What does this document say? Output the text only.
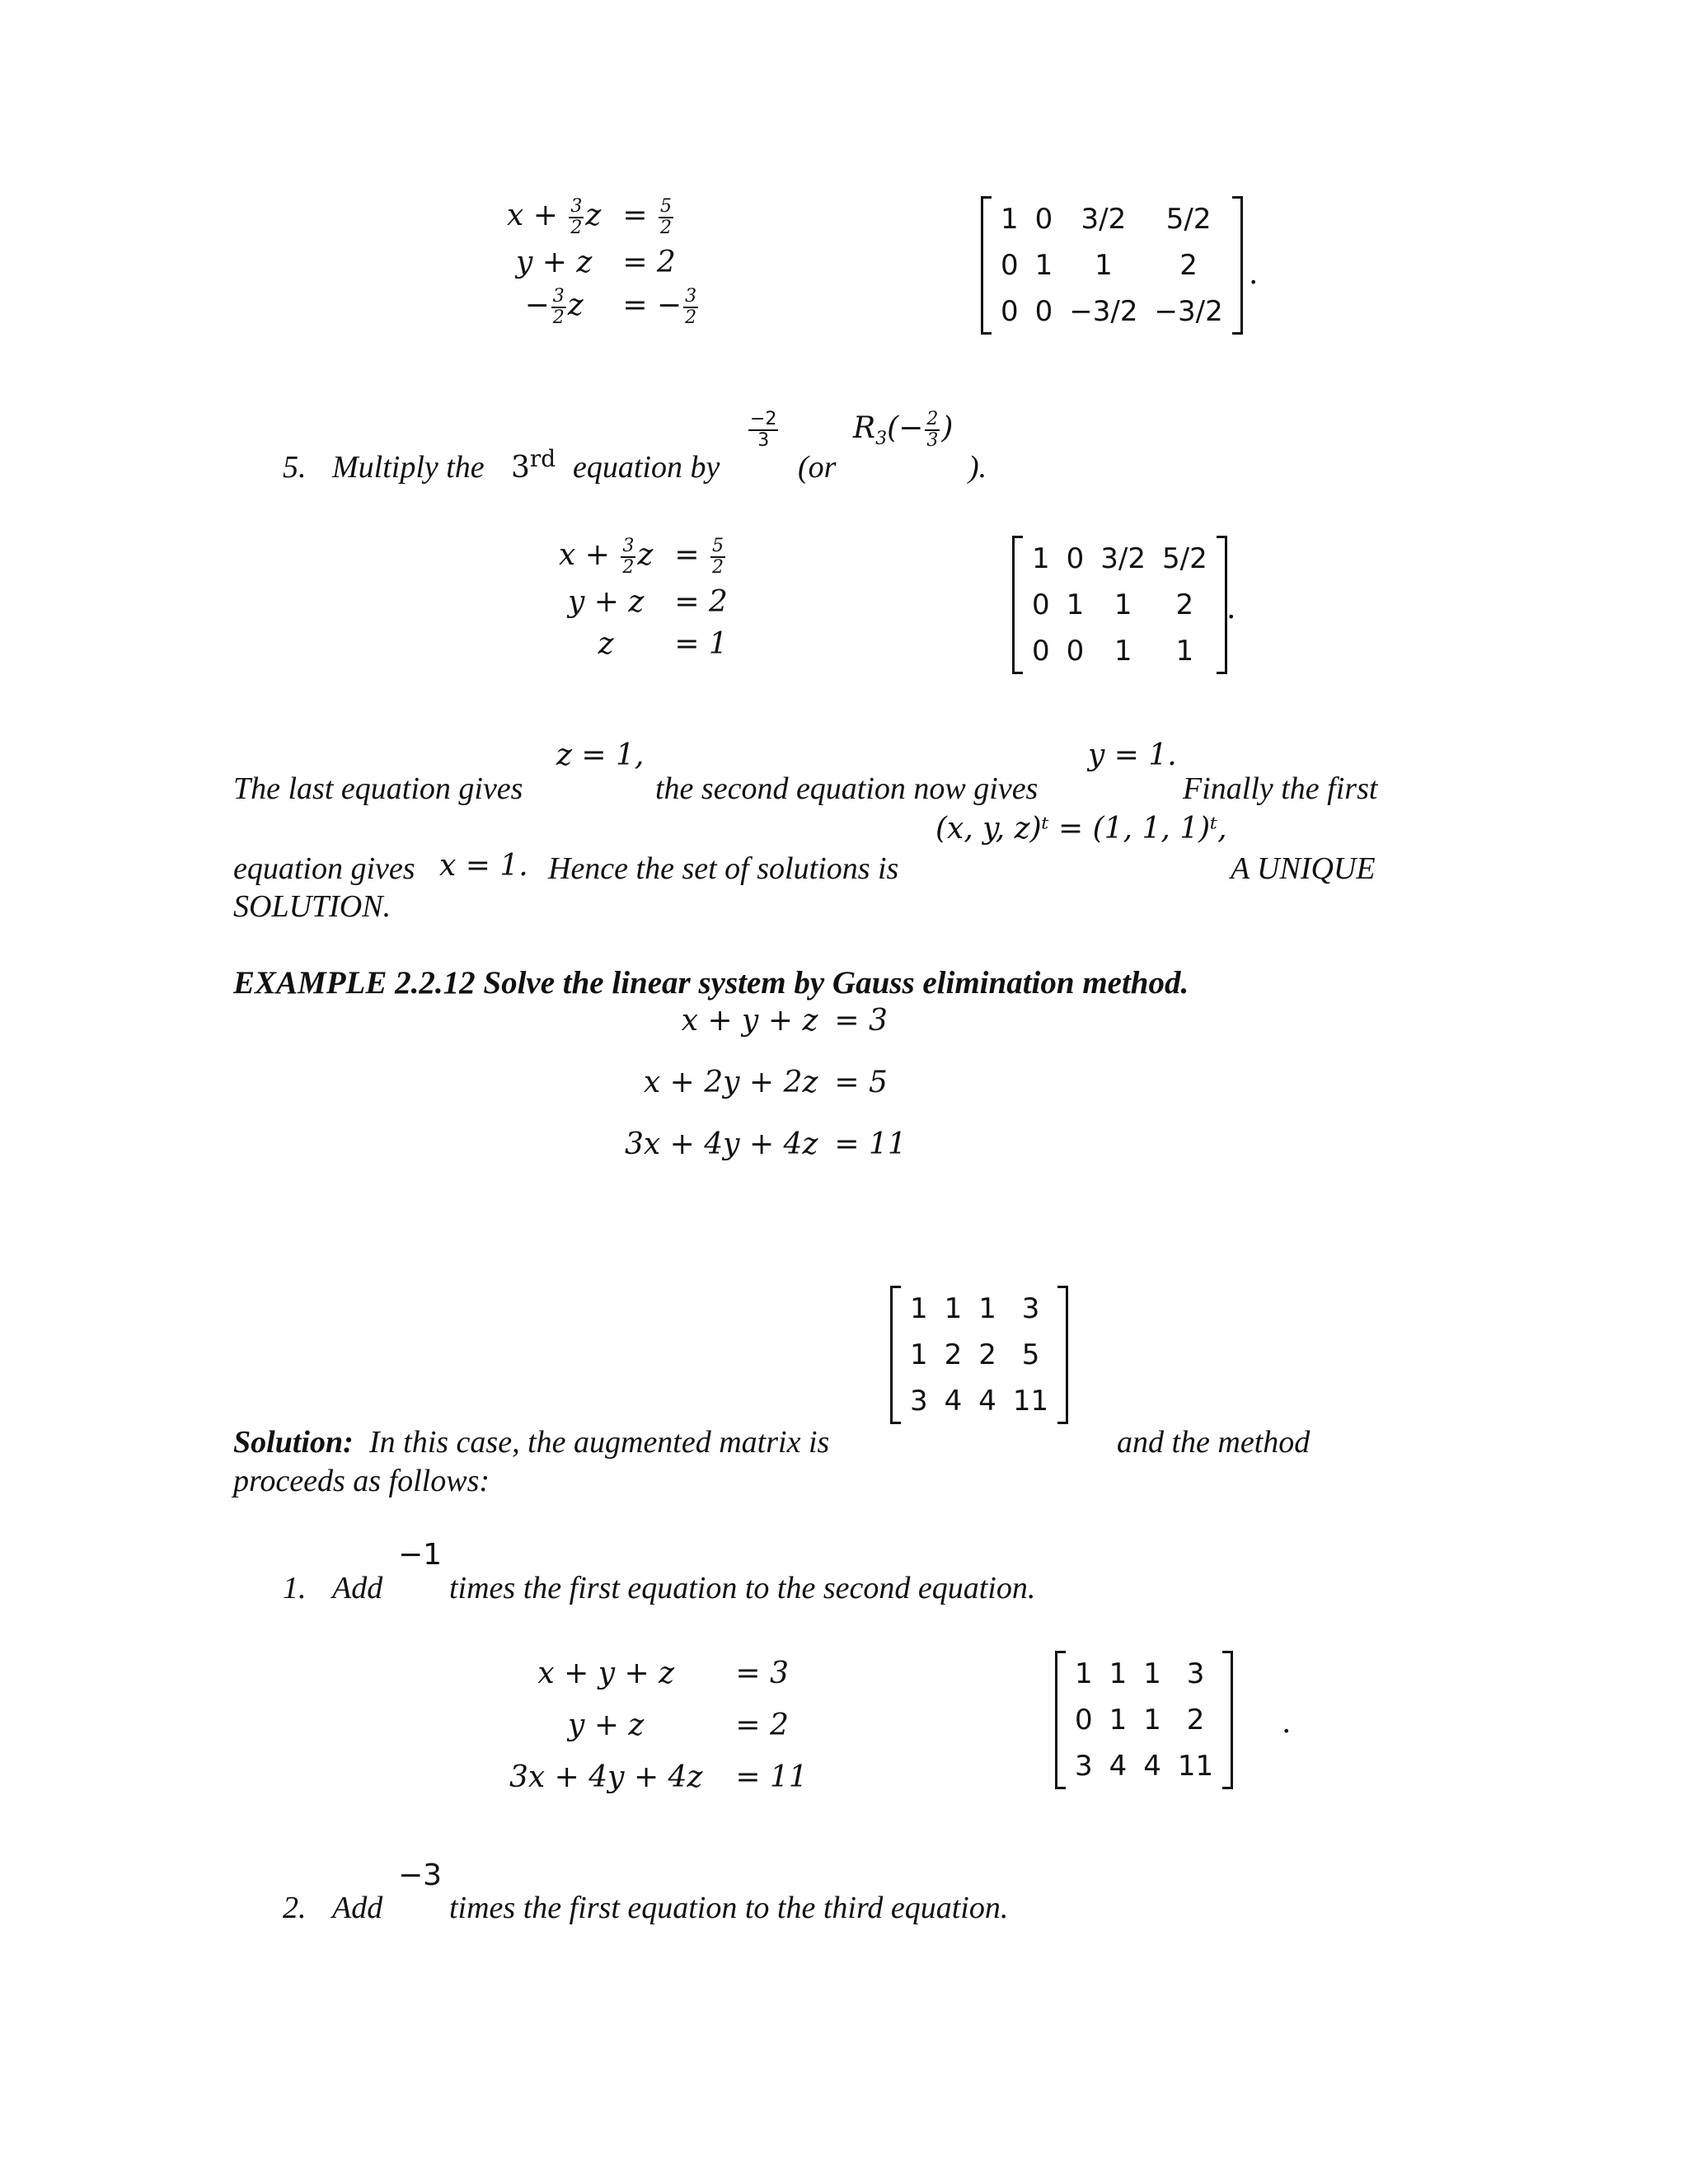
$x + \frac{3}{2}$ $z = \frac{5}{2}$
y + z	= 2
− $\frac{3}{2}$ z	= − $\frac{3}{2}$
1	0	3/2	5/2
0	1	1	2
0	0	−3/2	−3/2
.
5. Multiply the 3rd equation by
$\frac{-2}{3}$
(or
$R_3(- \frac{2}{3}$ )
).
$x + \frac{3}{2}$ $z = \frac{5}{2}$
y + z	= 2
z	= 1
1	0	3/2	5/2
0	1	1	2
0	0	1	1
.
z = 1,	y = 1.
The last equation gives	the second equation now gives	Finally the first
(x, y, z)ᵗ = (1, 1, 1)ᵗ,
equation gives x = 1. Hence the set of solutions is	A UNIQUE
SOLUTION.
EXAMPLE 2.2.12 Solve the linear system by Gauss elimination method.
x + y + z = 3
x + 2y + 2z = 5
3x + 4y + 4z = 11
1	1	1	3
1	2	2	5
3	4	4	11
Solution: In this case, the augmented matrix is	and the method
proceeds as follows:
−1
1. Add times the first equation to the second equation.
x + y + z	= 3
y + z	= 2
3x + 4y + 4z = 11
1	1	1	3
0	1	1	2
3	4	4	11
.
−3
2. Add times the first equation to the third equation.
